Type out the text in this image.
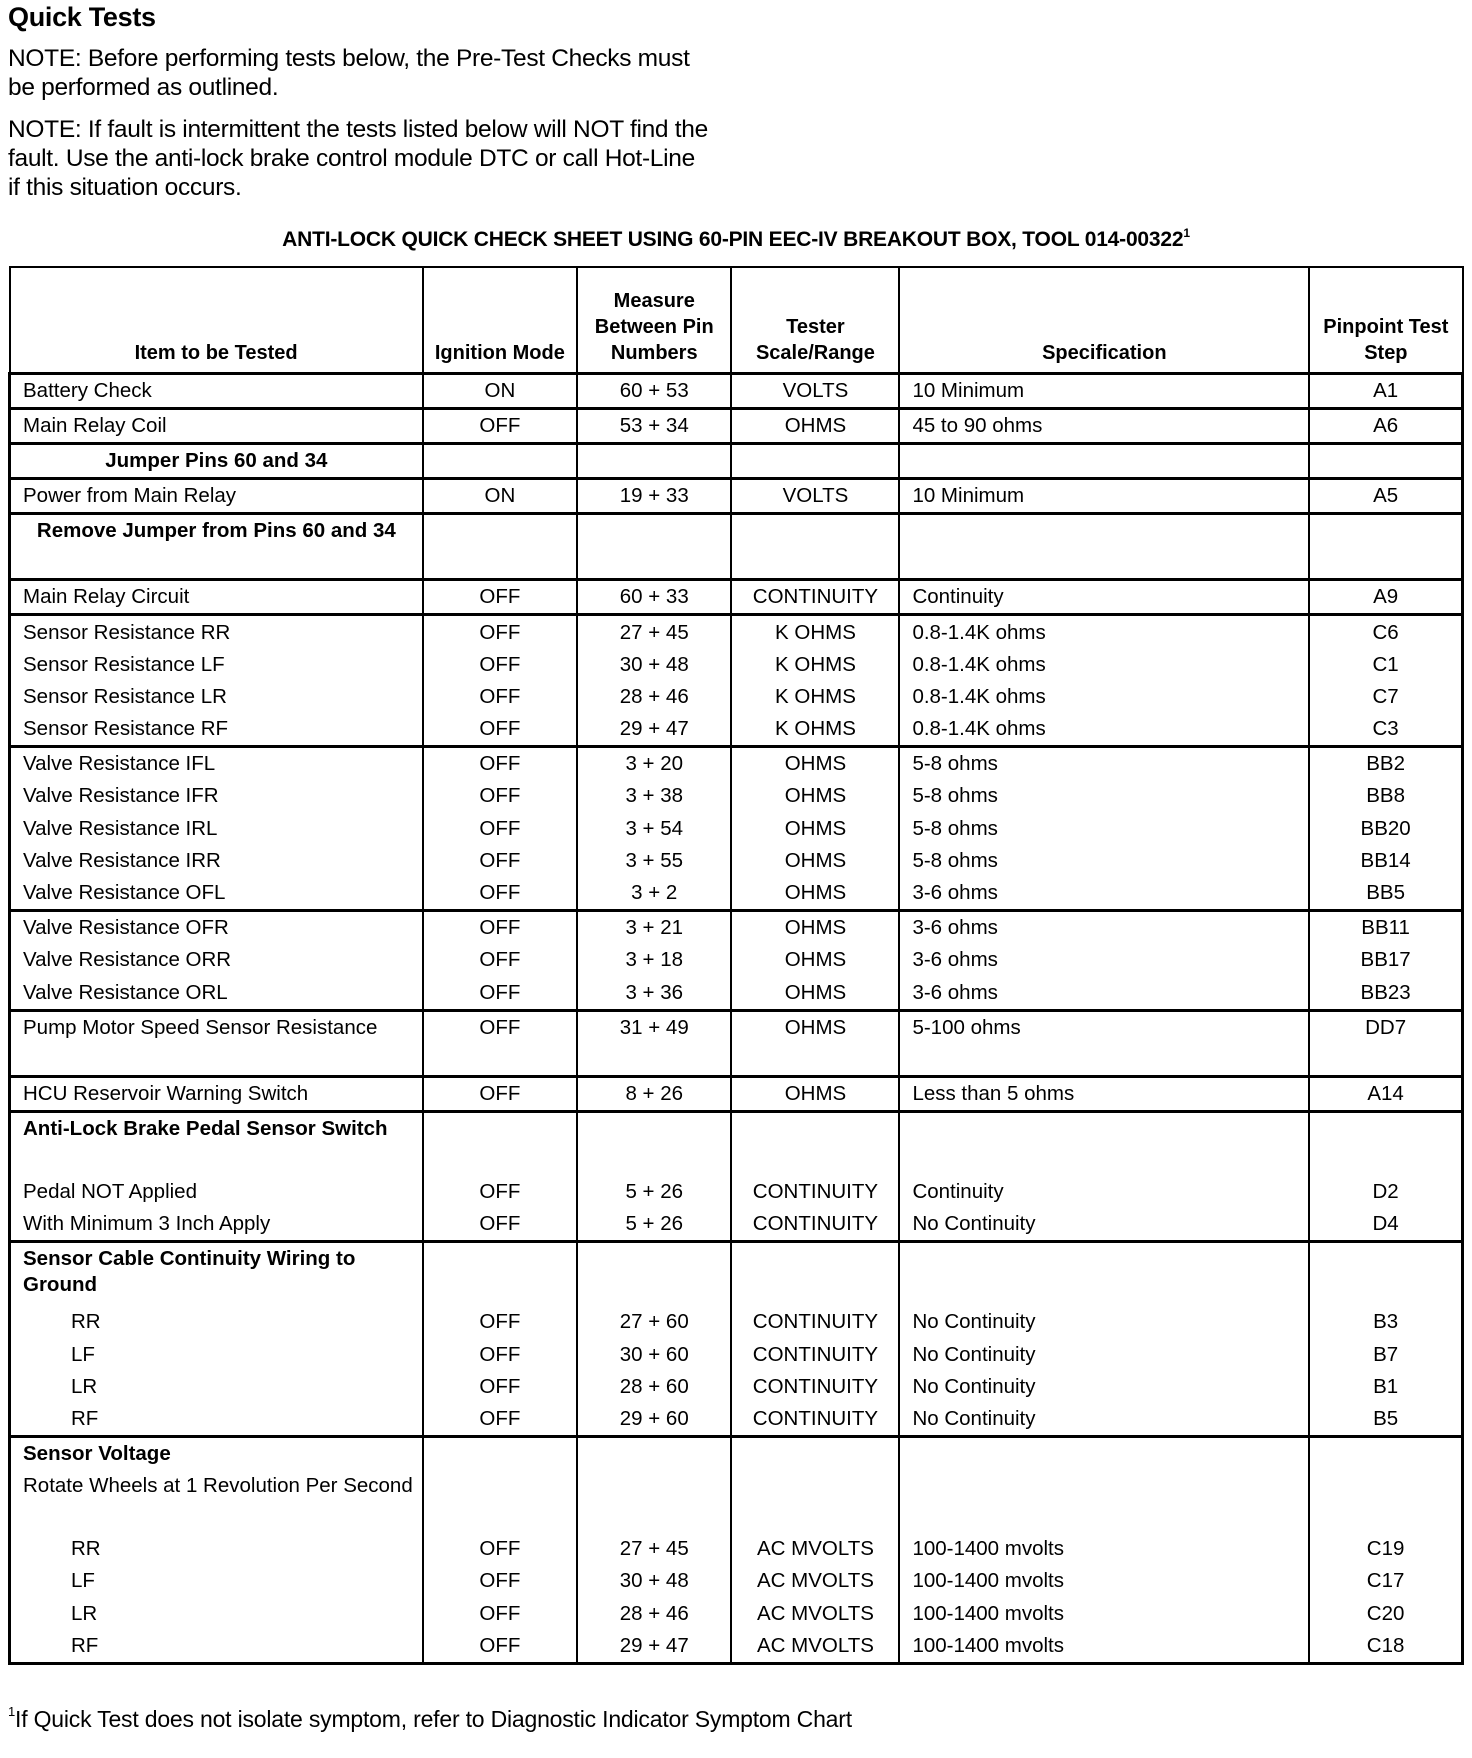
Quick Tests
NOTE: Before performing tests below, the Pre-Test Checks must be performed as outlined.
NOTE: If fault is intermittent the tests listed below will NOT find the fault. Use the anti-lock brake control module DTC or call Hot-Line if this situation occurs.
ANTI-LOCK QUICK CHECK SHEET USING 60-PIN EEC-IV BREAKOUT BOX, TOOL 014-00322$^1$
Item to be Tested	Ignition Mode	Measure Between Pin Numbers	Tester Scale/Range	Specification	Pinpoint Test Step
Battery Check	ON	60 + 53	VOLTS	10 Minimum	A1
Main Relay Coil	OFF	53 + 34	OHMS	45 to 90 ohms	A6
Jumper Pins 60 and 34					
Power from Main Relay	ON	19 + 33	VOLTS	10 Minimum	A5
Remove Jumper from Pins 60 and 34					
Main Relay Circuit	OFF	60 + 33	CONTINUITY	Continuity	A9
Sensor Resistance RR	OFF	27 + 45	K OHMS	0.8-1.4K ohms	C6
Sensor Resistance LF	OFF	30 + 48	K OHMS	0.8-1.4K ohms	C1
Sensor Resistance LR	OFF	28 + 46	K OHMS	0.8-1.4K ohms	C7
Sensor Resistance RF	OFF	29 + 47	K OHMS	0.8-1.4K ohms	C3
Valve Resistance IFL	OFF	3 + 20	OHMS	5-8 ohms	BB2
Valve Resistance IFR	OFF	3 + 38	OHMS	5-8 ohms	BB8
Valve Resistance IRL	OFF	3 + 54	OHMS	5-8 ohms	BB20
Valve Resistance IRR	OFF	3 + 55	OHMS	5-8 ohms	BB14
Valve Resistance OFL	OFF	3 + 2	OHMS	3-6 ohms	BB5
Valve Resistance OFR	OFF	3 + 21	OHMS	3-6 ohms	BB11
Valve Resistance ORR	OFF	3 + 18	OHMS	3-6 ohms	BB17
Valve Resistance ORL	OFF	3 + 36	OHMS	3-6 ohms	BB23
Pump Motor Speed Sensor Resistance	OFF	31 + 49	OHMS	5-100 ohms	DD7
HCU Reservoir Warning Switch	OFF	8 + 26	OHMS	Less than 5 ohms	A14
Anti-Lock Brake Pedal Sensor Switch					
Pedal NOT Applied	OFF	5 + 26	CONTINUITY	Continuity	D2
With Minimum 3 Inch Apply	OFF	5 + 26	CONTINUITY	No Continuity	D4
Sensor Cable Continuity Wiring to Ground					
RR	OFF	27 + 60	CONTINUITY	No Continuity	B3
LF	OFF	30 + 60	CONTINUITY	No Continuity	B7
LR	OFF	28 + 60	CONTINUITY	No Continuity	B1
RF	OFF	29 + 60	CONTINUITY	No Continuity	B5
Sensor Voltage					
Rotate Wheels at 1 Revolution Per Second					
RR	OFF	27 + 45	AC MVOLTS	100-1400 mvolts	C19
LF	OFF	30 + 48	AC MVOLTS	100-1400 mvolts	C17
LR	OFF	28 + 46	AC MVOLTS	100-1400 mvolts	C20
RF	OFF	29 + 47	AC MVOLTS	100-1400 mvolts	C18
$^1$If Quick Test does not isolate symptom, refer to Diagnostic Indicator Symptom Chart
